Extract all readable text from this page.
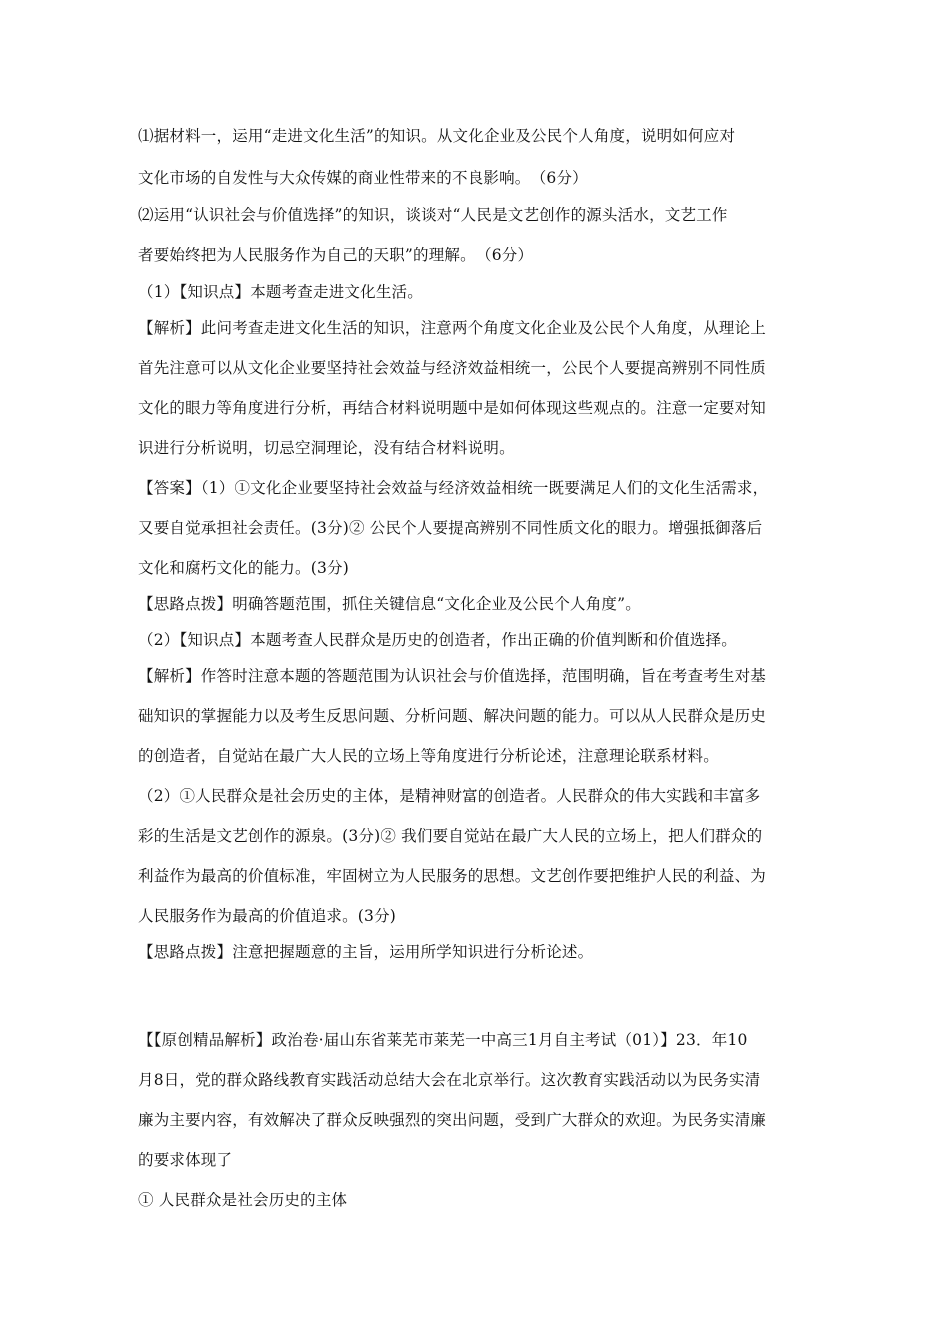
⑴据材料一，运用“走进文化生活”的知识。从文化企业及公民个人角度，说明如何应对
文化市场的自发性与大众传媒的商业性带来的不良影响。　（6分）
⑵运用“认识社会与价值选择”的知识，谈谈对“人民是文艺创作的源头活水，文艺工作
者要始终把为人民服务作为自己的天职”的理解。　（6分）
（1）【知识点】本题考查走进文化生活。
【解析】此问考查走进文化生活的知识，注意两个角度文化企业及公民个人角度，从理论上
首先注意可以从文化企业要坚持社会效益与经济效益相统一，公民个人要提高辨别不同性质
文化的眼力等角度进行分析，再结合材料说明题中是如何体现这些观点的。注意一定要对知
识进行分析说明，切忌空洞理论，没有结合材料说明。
【答案】（1）①文化企业要坚持社会效益与经济效益相统一既要满足人们的文化生活需求，
又要自觉承担社会责任。(3分)② 公民个人要提高辨别不同性质文化的眼力。增强抵御落后
文化和腐朽文化的能力。(3分)
【思路点拨】明确答题范围，抓住关键信息“文化企业及公民个人角度”。
（2）【知识点】本题考查人民群众是历史的创造者，作出正确的价值判断和价值选择。
【解析】作答时注意本题的答题范围为认识社会与价值选择，范围明确，旨在考查考生对基
础知识的掌握能力以及考生反思问题、分析问题、解决问题的能力。可以从人民群众是历史
的创造者，自觉站在最广大人民的立场上等角度进行分析论述，注意理论联系材料。
（2）①人民群众是社会历史的主体，是精神财富的创造者。人民群众的伟大实践和丰富多
彩的生活是文艺创作的源泉。(3分)② 我们要自觉站在最广大人民的立场上，把人们群众的
利益作为最高的价值标准，牢固树立为人民服务的思想。文艺创作要把维护人民的利益、为
人民服务作为最高的价值追求。(3分)
【思路点拨】注意把握题意的主旨，运用所学知识进行分析论述。
【【原创精品解析】政治卷·届山东省莱芜市莱芜一中高三1月自主考试（01）】23．年10
月8日，党的群众路线教育实践活动总结大会在北京举行。这次教育实践活动以为民务实清
廉为主要内容，有效解决了群众反映强烈的突出问题，受到广大群众的欢迎。为民务实清廉
的要求体现了
① 人民群众是社会历史的主体
